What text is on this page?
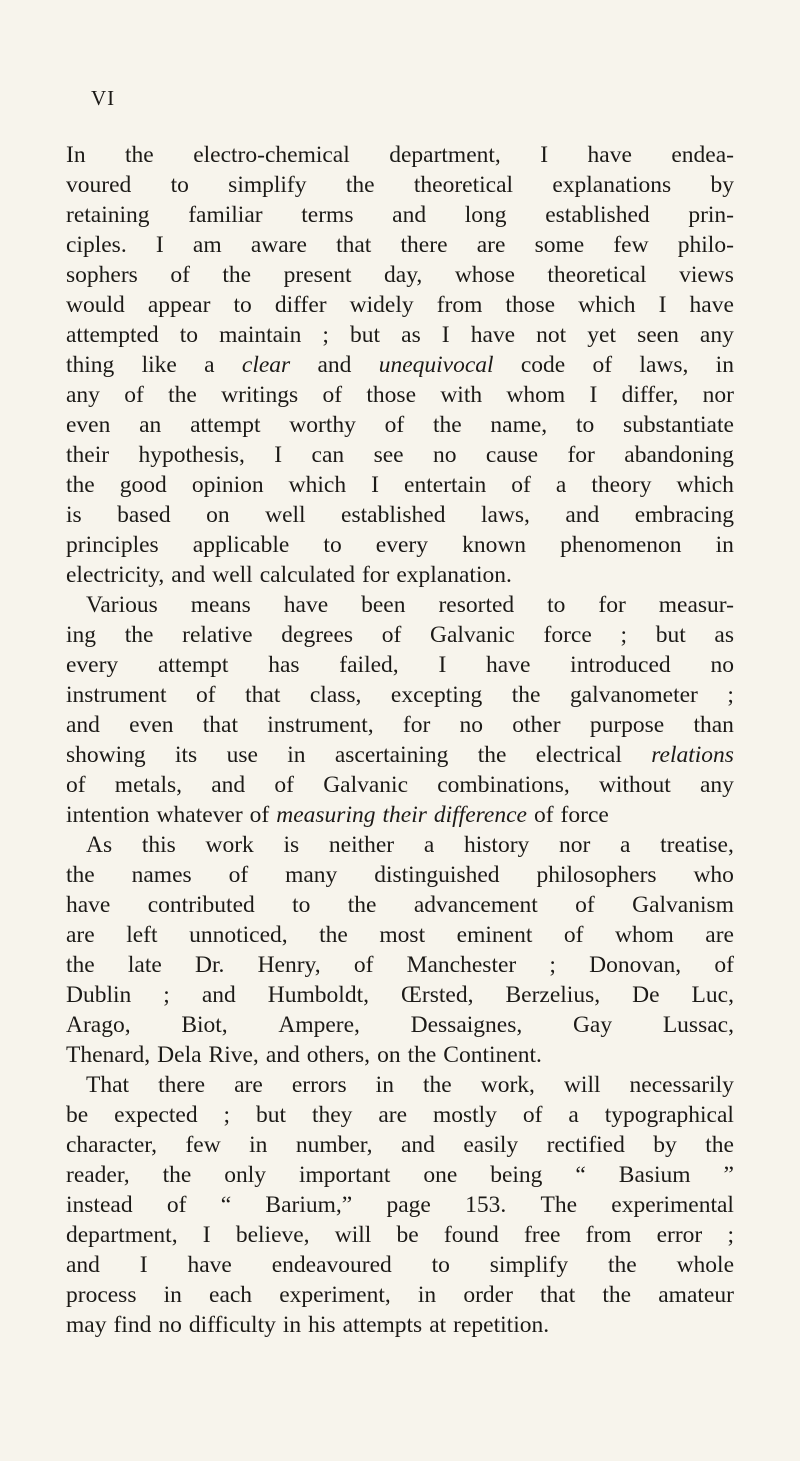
VI
In the electro-chemical department, I have endea-
voured to simplify the theoretical explanations by
retaining familiar terms and long established prin-
ciples. I am aware that there are some few philo-
sophers of the present day, whose theoretical views
would appear to differ widely from those which I have
attempted to maintain ; but as I have not yet seen any
thing like a clear and unequivocal code of laws, in
any of the writings of those with whom I differ, nor
even an attempt worthy of the name, to substantiate
their hypothesis, I can see no cause for abandoning
the good opinion which I entertain of a theory which
is based on well established laws, and embracing
principles applicable to every known phenomenon in
electricity, and well calculated for explanation.
Various means have been resorted to for measur-
ing the relative degrees of Galvanic force ; but as
every attempt has failed, I have introduced no
instrument of that class, excepting the galvanometer ;
and even that instrument, for no other purpose than
showing its use in ascertaining the electrical relations
of metals, and of Galvanic combinations, without any
intention whatever of measuring their difference of force
As this work is neither a history nor a treatise,
the names of many distinguished philosophers who
have contributed to the advancement of Galvanism
are left unnoticed, the most eminent of whom are
the late Dr. Henry, of Manchester ; Donovan, of
Dublin ; and Humboldt, Œrsted, Berzelius, De Luc,
Arago, Biot, Ampere, Dessaignes, Gay Lussac,
Thenard, Dela Rive, and others, on the Continent.
That there are errors in the work, will necessarily
be expected ; but they are mostly of a typographical
character, few in number, and easily rectified by the
reader, the only important one being “ Basium ”
instead of “ Barium,” page 153. The experimental
department, I believe, will be found free from error ;
and I have endeavoured to simplify the whole
process in each experiment, in order that the amateur
may find no difficulty in his attempts at repetition.
